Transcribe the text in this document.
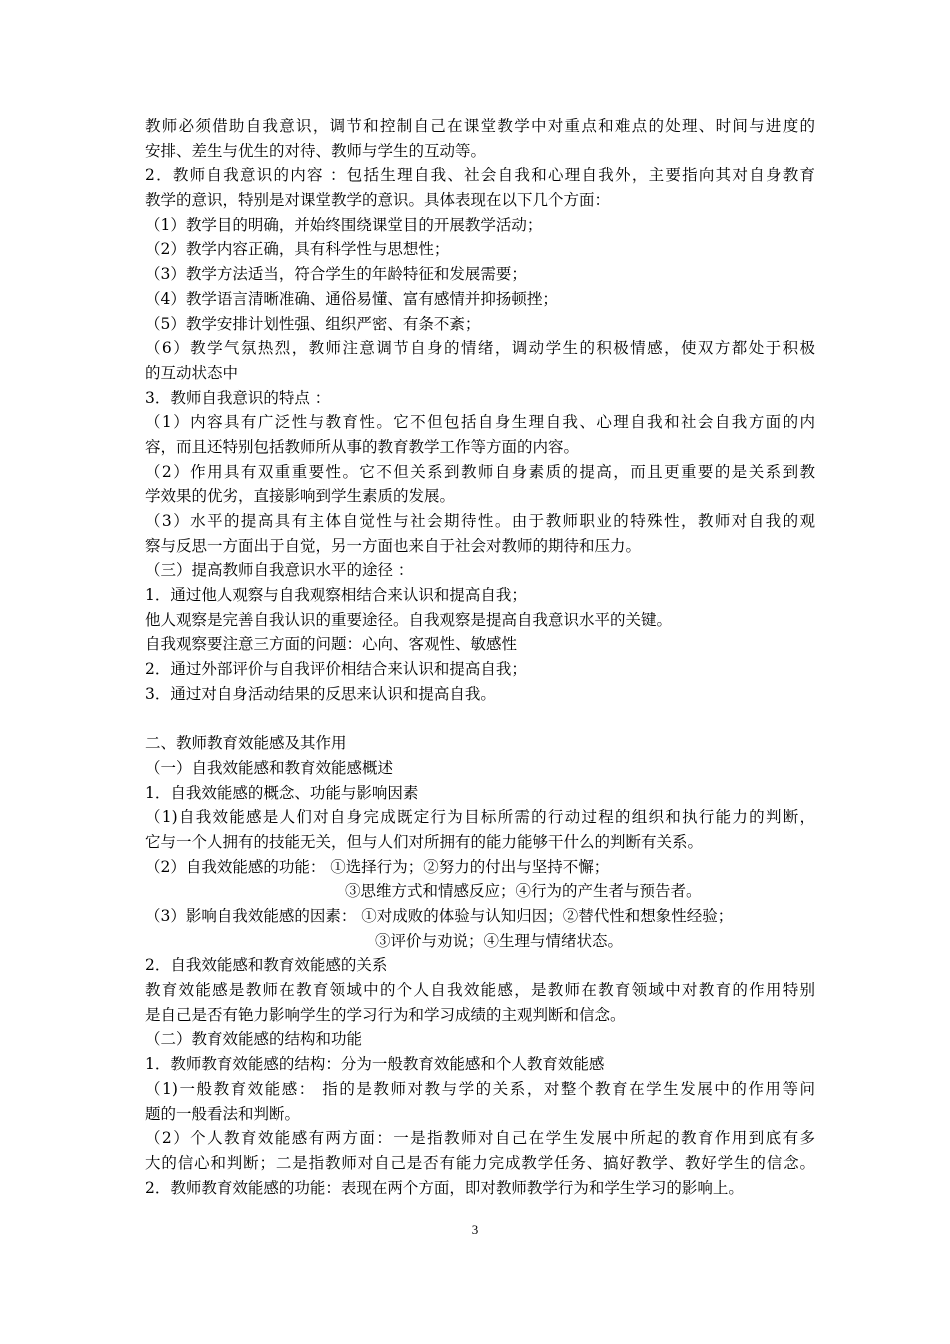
教师必须借助自我意识，调节和控制自己在课堂教学中对重点和难点的处理、时间与进度的
安排、差生与优生的对待、教师与学生的互动等。
2．教师自我意识的内容 ：包括生理自我、社会自我和心理自我外，主要指向其对自身教育
教学的意识，特别是对课堂教学的意识。具体表现在以下几个方面：
（1）教学目的明确，并始终围绕课堂目的开展教学活动；
（2）教学内容正确，具有科学性与思想性；
（3）教学方法适当，符合学生的年龄特征和发展需要；
（4）教学语言清晰准确、通俗易懂、富有感情并抑扬顿挫；
（5）教学安排计划性强、组织严密、有条不紊；
（6）教学气氛热烈，教师注意调节自身的情绪，调动学生的积极情感，使双方都处于积极
的互动状态中
3．教师自我意识的特点 ：
（1）内容具有广泛性与教育性。它不但包括自身生理自我、心理自我和社会自我方面的内
容，而且还特别包括教师所从事的教育教学工作等方面的内容。
（2）作用具有双重重要性。它不但关系到教师自身素质的提高，而且更重要的是关系到教
学效果的优劣，直接影响到学生素质的发展。
（3）水平的提高具有主体自觉性与社会期待性。由于教师职业的特殊性，教师对自我的观
察与反思一方面出于自觉，另一方面也来自于社会对教师的期待和压力。
（三）提高教师自我意识水平的途径 ：
1．通过他人观察与自我观察相结合来认识和提高自我；
他人观察是完善自我认识的重要途径。自我观察是提高自我意识水平的关键。
自我观察要注意三方面的问题：心向、客观性、敏感性
2．通过外部评价与自我评价相结合来认识和提高自我；
3．通过对自身活动结果的反思来认识和提高自我。
二、教师教育效能感及其作用
（一）自我效能感和教育效能感概述
1．自我效能感的概念、功能与影响因素
（1)自我效能感是人们对自身完成既定行为目标所需的行动过程的组织和执行能力的判断，
它与一个人拥有的技能无关，但与人们对所拥有的能力能够干什么的判断有关系。
（2）自我效能感的功能： ①选择行为；②努力的付出与坚持不懈；
③思维方式和情感反应；④行为的产生者与预告者。
（3）影响自我效能感的因素： ①对成败的体验与认知归因；②替代性和想象性经验；
③评价与劝说；④生理与情绪状态。
2．自我效能感和教育效能感的关系
教育效能感是教师在教育领域中的个人自我效能感，是教师在教育领域中对教育的作用特别
是自己是否有铯力影响学生的学习行为和学习成绩的主观判断和信念。
（二）教育效能感的结构和功能
1．教师教育效能感的结构：分为一般教育效能感和个人教育效能感
（1)一般教育效能感： 指的是教师对教与学的关系，对整个教育在学生发展中的作用等问
题的一般看法和判断。
（2）个人教育效能感有两方面：一是指教师对自己在学生发展中所起的教育作用到底有多
大的信心和判断；二是指教师对自己是否有能力完成教学任务、搞好教学、教好学生的信念。
2．教师教育效能感的功能：表现在两个方面，即对教师教学行为和学生学习的影响上。
3
